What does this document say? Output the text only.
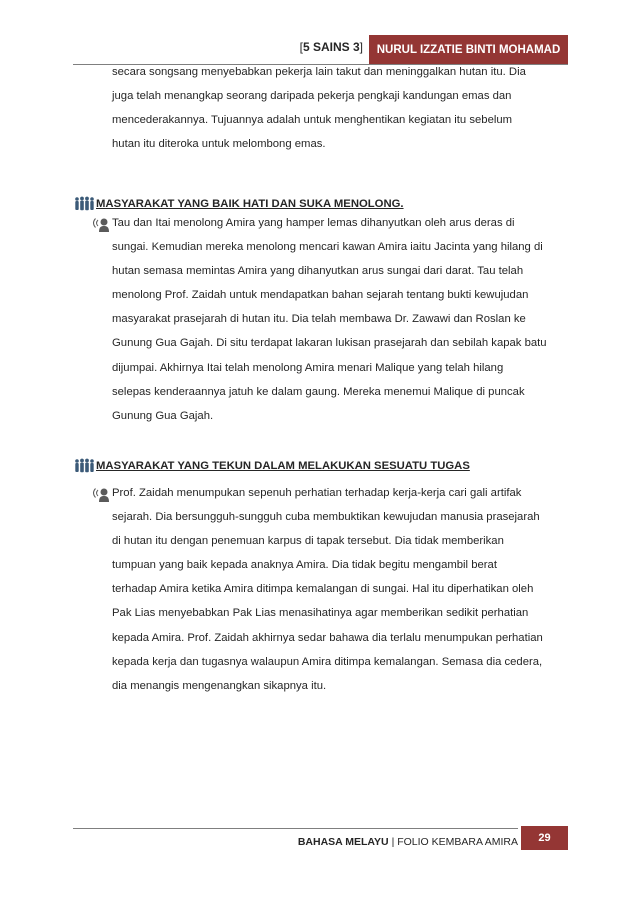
[5 SAINS 3]	NURUL IZZATIE BINTI MOHAMAD
secara songsang menyebabkan pekerja lain takut dan meninggalkan hutan itu. Dia
juga telah menangkap seorang daripada pekerja pengkaji kandungan emas dan
mencederakannya. Tujuannya adalah untuk menghentikan kegiatan itu sebelum
hutan itu diteroka untuk melombong emas.
MASYARAKAT YANG BAIK HATI DAN SUKA MENOLONG.
Tau dan Itai menolong Amira yang hamper lemas dihanyutkan oleh arus deras di
sungai. Kemudian mereka menolong mencari kawan Amira iaitu Jacinta yang hilang di
hutan semasa memintas Amira yang dihanyutkan arus sungai dari darat. Tau telah
menolong Prof. Zaidah untuk mendapatkan bahan sejarah tentang bukti kewujudan
masyarakat prasejarah di hutan itu. Dia telah membawa Dr. Zawawi dan Roslan ke
Gunung Gua Gajah. Di situ terdapat lakaran lukisan prasejarah dan sebilah kapak batu
dijumpai. Akhirnya Itai telah menolong Amira menari Malique yang telah hilang
selepas kenderaannya jatuh ke dalam gaung. Mereka menemui Malique di puncak
Gunung Gua Gajah.
MASYARAKAT YANG TEKUN DALAM MELAKUKAN SESUATU TUGAS
Prof. Zaidah menumpukan sepenuh perhatian terhadap kerja-kerja cari gali artifak
sejarah. Dia bersungguh-sungguh cuba membuktikan kewujudan manusia prasejarah
di hutan itu dengan penemuan karpus di tapak tersebut. Dia tidak memberikan
tumpuan yang baik kepada anaknya Amira. Dia tidak begitu mengambil berat
terhadap Amira ketika Amira ditimpa kemalangan di sungai. Hal itu diperhatikan oleh
Pak Lias menyebabkan Pak Lias menasihatinya agar memberikan sedikit perhatian
kepada Amira. Prof. Zaidah akhirnya sedar bahawa dia terlalu menumpukan perhatian
kepada kerja dan tugasnya walaupun Amira ditimpa kemalangan. Semasa dia cedera,
dia menangis mengenangkan sikapnya itu.
BAHASA MELAYU | FOLIO KEMBARA AMIRA	29
